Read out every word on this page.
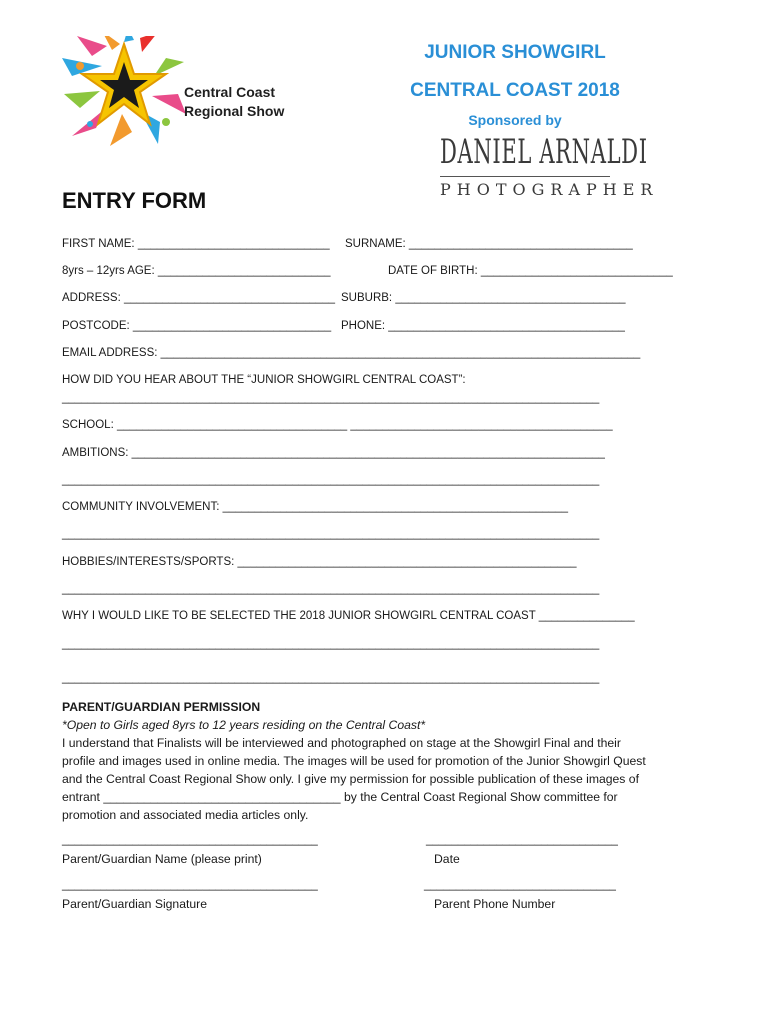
Central Coast
Regional Show
JUNIOR SHOWGIRL
CENTRAL COAST 2018
Sponsored by
DANIEL ARNALDI
PHOTOGRAPHER
ENTRY FORM
FIRST NAME: ______________________________ SURNAME: ___________________________________
8yrs – 12yrs AGE: ___________________________	DATE OF BIRTH: ______________________________
ADDRESS: _________________________________ SUBURB: ____________________________________
POSTCODE: _______________________________ PHONE: _____________________________________
EMAIL ADDRESS: ___________________________________________________________________________
HOW DID YOU HEAR ABOUT THE “JUNIOR SHOWGIRL CENTRAL COAST”:
____________________________________________________________________________________
SCHOOL: ____________________________________ _________________________________________
AMBITIONS: __________________________________________________________________________
____________________________________________________________________________________
COMMUNITY INVOLVEMENT: ______________________________________________________
____________________________________________________________________________________
HOBBIES/INTERESTS/SPORTS: _____________________________________________________
____________________________________________________________________________________
WHY I WOULD LIKE TO BE SELECTED THE 2018 JUNIOR SHOWGIRL CENTRAL COAST _______________
____________________________________________________________________________________
____________________________________________________________________________________
PARENT/GUARDIAN PERMISSION
*Open to Girls aged 8yrs to 12 years residing on the Central Coast*
I understand that Finalists will be interviewed and photographed on stage at the Showgirl Final and their
profile and images used in online media. The images will be used for promotion of the Junior Showgirl Quest
and the Central Coast Regional Show only. I give my permission for possible publication of these images of
entrant ___________________________________ by the Central Coast Regional Show committee for
promotion and associated media articles only.
________________________________________	______________________________
Parent/Guardian Name (please print)	Date
________________________________________	______________________________
Parent/Guardian Signature	Parent Phone Number
